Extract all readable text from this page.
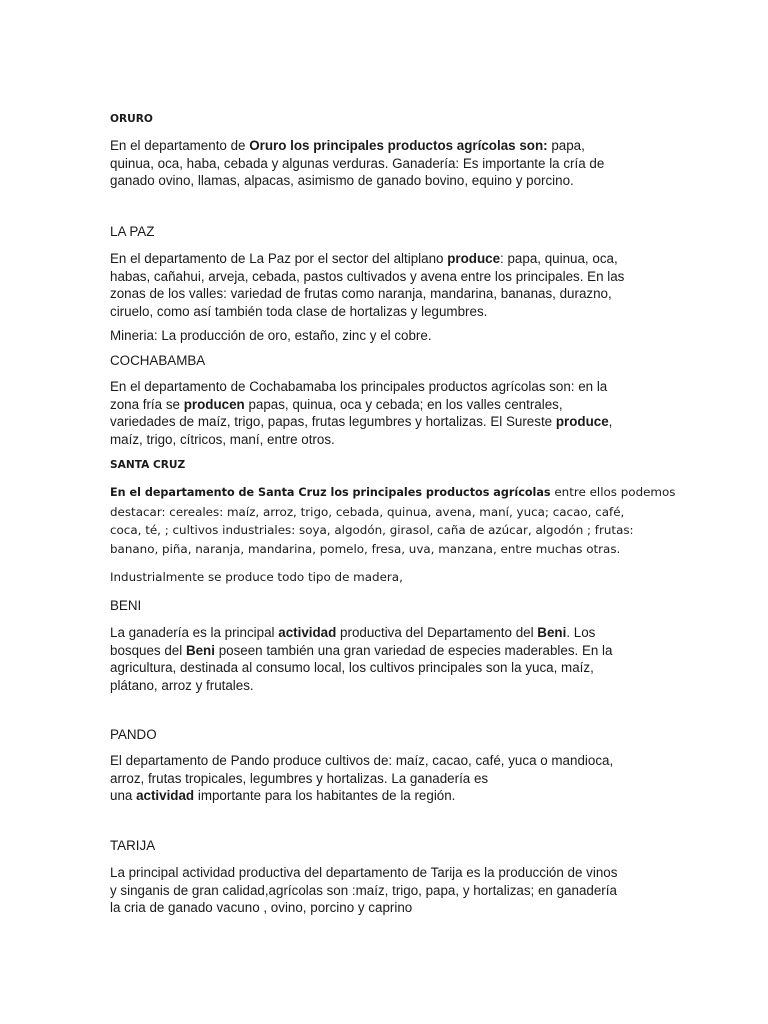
ORURO

En el departamento de Oruro los principales productos agrícolas son: papa,
quinua, oca, haba, cebada y algunas verduras. Ganadería: Es importante la cría de
ganado ovino, llamas, alpacas, asimismo de ganado bovino, equino y porcino.

LA PAZ

En el departamento de La Paz por el sector del altiplano produce: papa, quinua, oca,
habas, cañahui, arveja, cebada, pastos cultivados y avena entre los principales. En las
zonas de los valles: variedad de frutas como naranja, mandarina, bananas, durazno,
ciruelo, como así también toda clase de hortalizas y legumbres.

Mineria: La producción de oro, estaño, zinc y el cobre.

COCHABAMBA

En el departamento de Cochabamaba los principales productos agrícolas son: en la
zona fría se producen papas, quinua, oca y cebada; en los valles centrales,
variedades de maíz, trigo, papas, frutas legumbres y hortalizas. El Sureste produce,
maíz, trigo, cítricos, maní, entre otros.

SANTA CRUZ

En el departamento de Santa Cruz los principales productos agrícolas entre ellos podemos
destacar: cereales: maíz, arroz, trigo, cebada, quinua, avena, maní, yuca; cacao, café,
coca, té, ; cultivos industriales: soya, algodón, girasol, caña de azúcar, algodón ; frutas:
banano, piña, naranja, mandarina, pomelo, fresa, uva, manzana, entre muchas otras.

Industrialmente se produce todo tipo de madera,

BENI

La ganadería es la principal actividad productiva del Departamento del Beni. Los
bosques del Beni poseen también una gran variedad de especies maderables. En la
agricultura, destinada al consumo local, los cultivos principales son la yuca, maíz,
plátano, arroz y frutales.

PANDO

El departamento de Pando produce cultivos de: maíz, cacao, café, yuca o mandioca,
arroz, frutas tropicales, legumbres y hortalizas. La ganadería es
una actividad importante para los habitantes de la región.

TARIJA

La principal actividad productiva del departamento de Tarija es la producción de vinos
y singanis de gran calidad,agrícolas son :maíz, trigo, papa, y hortalizas; en ganadería
la cria de ganado vacuno , ovino, porcino y caprino
